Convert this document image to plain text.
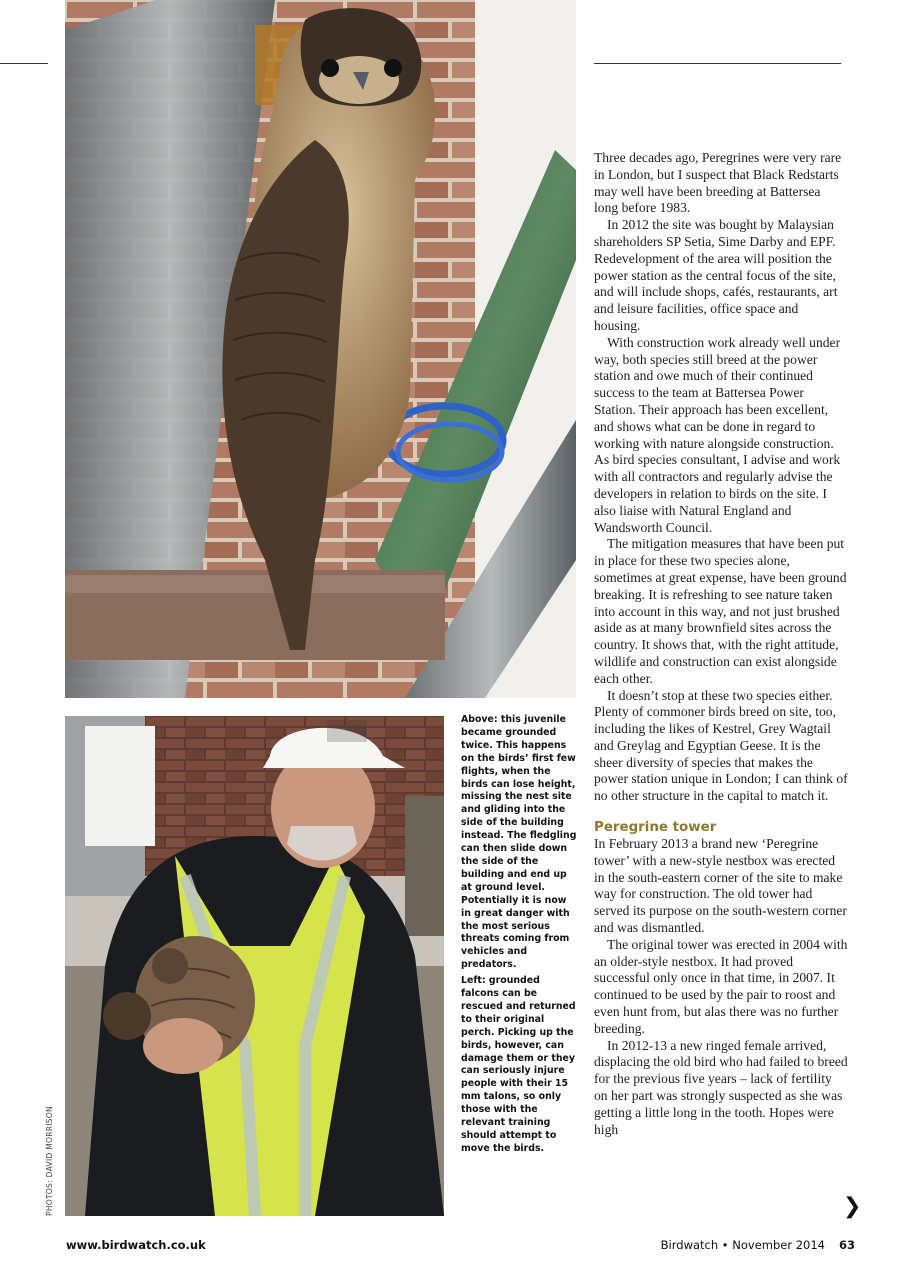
PHOTOS: DAVID MORRISON

Above: this juvenile became grounded twice. This happens on the birds’ first few flights, when the birds can lose height, missing the nest site and gliding into the side of the building instead. The fledgling can then slide down the side of the building and end up at ground level. Potentially it is now in great danger with the most serious threats coming from vehicles and predators.

Left: grounded falcons can be rescued and returned to their original perch. Picking up the birds, however, can damage them or they can seriously injure people with their 15 mm talons, so only those with the relevant training should attempt to move the birds.

Three decades ago, Peregrines were very rare in London, but I suspect that Black Redstarts may well have been breeding at Battersea long before 1983.

In 2012 the site was bought by Malaysian shareholders SP Setia, Sime Darby and EPF. Redevelopment of the area will position the power station as the central focus of the site, and will include shops, cafés, restaurants, art and leisure facilities, office space and housing.

With construction work already well under way, both species still breed at the power station and owe much of their continued success to the team at Battersea Power Station. Their approach has been excellent, and shows what can be done in regard to working with nature alongside construction. As bird species consultant, I advise and work with all contractors and regularly advise the developers in relation to birds on the site. I also liaise with Natural England and Wandsworth Council.

The mitigation measures that have been put in place for these two species alone, sometimes at great expense, have been ground breaking. It is refreshing to see nature taken into account in this way, and not just brushed aside as at many brownfield sites across the country. It shows that, with the right attitude, wildlife and construction can exist alongside each other.

It doesn’t stop at these two species either. Plenty of commoner birds breed on site, too, including the likes of Kestrel, Grey Wagtail and Greylag and Egyptian Geese. It is the sheer diversity of species that makes the power station unique in London; I can think of no other structure in the capital to match it.

Peregrine tower

In February 2013 a brand new ‘Peregrine tower’ with a new-style nestbox was erected in the south-eastern corner of the site to make way for construction. The old tower had served its purpose on the south-western corner and was dismantled.

The original tower was erected in 2004 with an older-style nestbox. It had proved successful only once in that time, in 2007. It continued to be used by the pair to roost and even hunt from, but alas there was no further breeding.

In 2012-13 a new ringed female arrived, displacing the old bird who had failed to breed for the previous five years – lack of fertility on her part was strongly suspected as she was getting a little long in the tooth. Hopes were high

❯
www.birdwatch.co.uk	Birdwatch • November 2014 63
